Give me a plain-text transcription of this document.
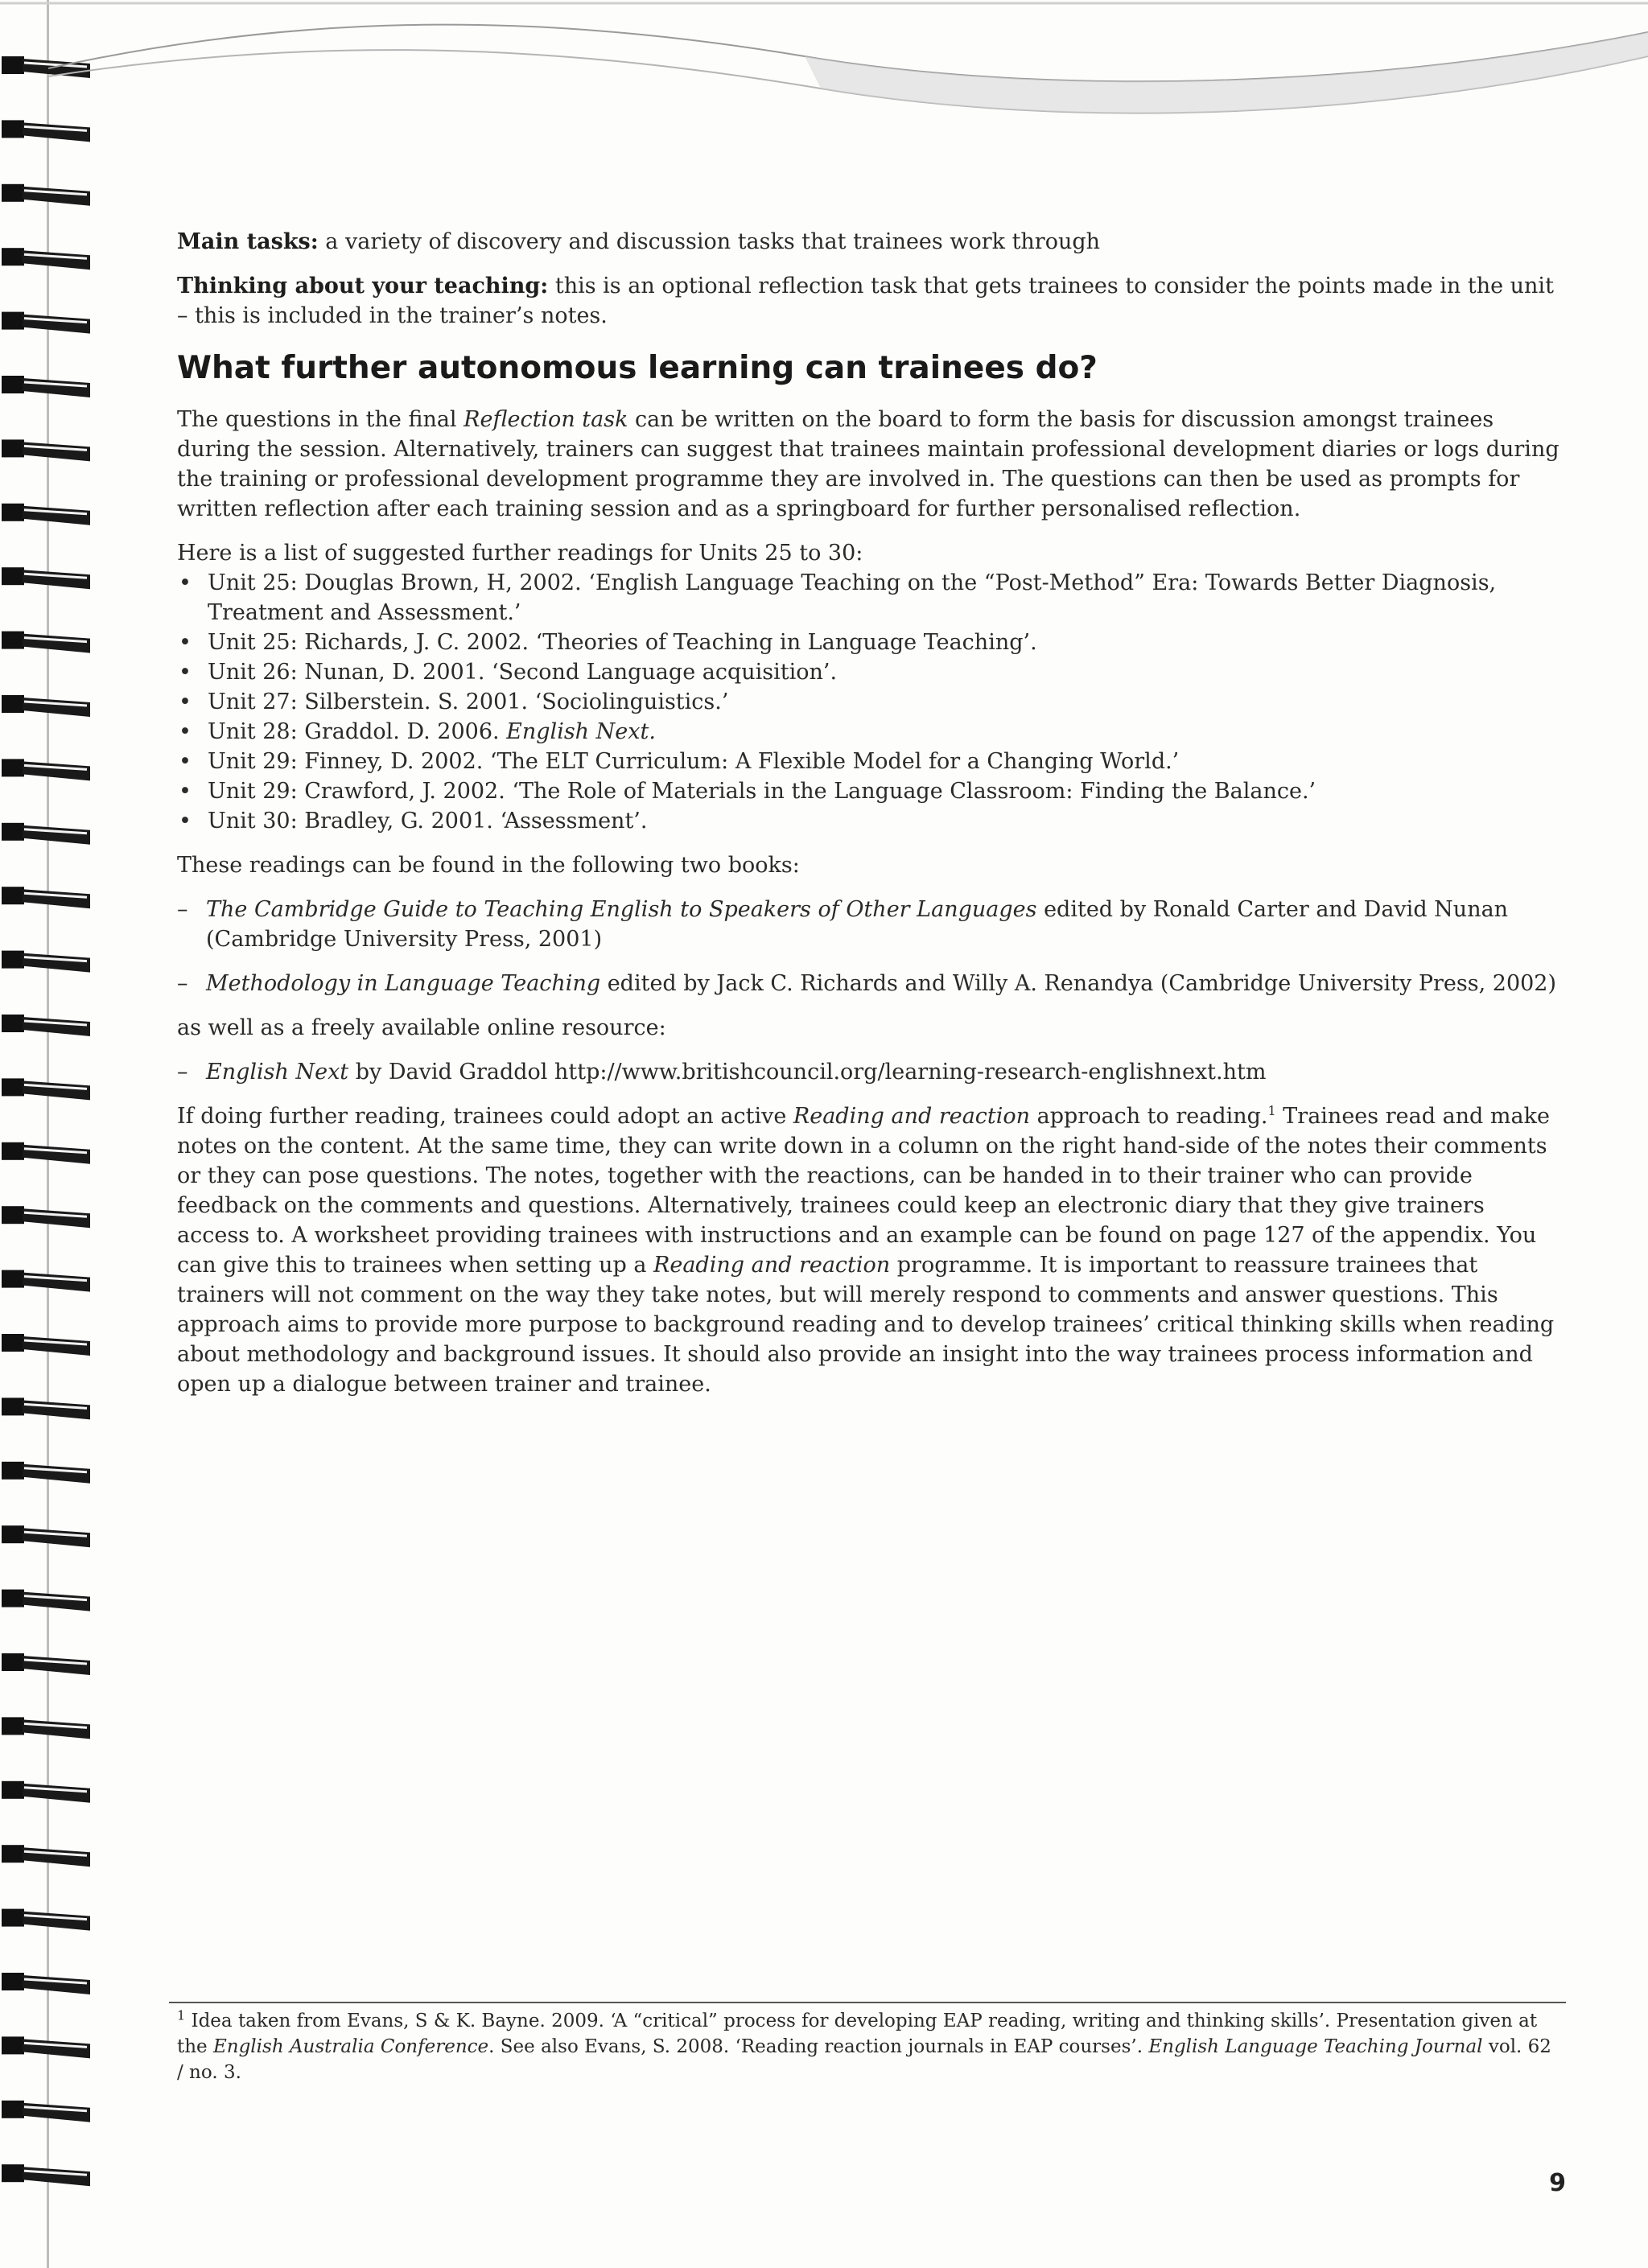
Main tasks: a variety of discovery and discussion tasks that trainees work through

Thinking about your teaching: this is an optional reflection task that gets trainees to consider the points made in the unit – this is included in the trainer’s notes.

What further autonomous learning can trainees do?

The questions in the final Reflection task can be written on the board to form the basis for discussion amongst trainees during the session. Alternatively, trainers can suggest that trainees maintain professional development diaries or logs during the training or professional development programme they are involved in. The questions can then be used as prompts for written reflection after each training session and as a springboard for further personalised reflection.

Here is a list of suggested further readings for Units 25 to 30:
• Unit 25: Douglas Brown, H, 2002. ‘English Language Teaching on the “Post-Method” Era: Towards Better Diagnosis, Treatment and Assessment.’
• Unit 25: Richards, J. C. 2002. ‘Theories of Teaching in Language Teaching’.
• Unit 26: Nunan, D. 2001. ‘Second Language acquisition’.
• Unit 27: Silberstein. S. 2001. ‘Sociolinguistics.’
• Unit 28: Graddol. D. 2006. English Next.
• Unit 29: Finney, D. 2002. ‘The ELT Curriculum: A Flexible Model for a Changing World.’
• Unit 29: Crawford, J. 2002. ‘The Role of Materials in the Language Classroom: Finding the Balance.’
• Unit 30: Bradley, G. 2001. ‘Assessment’.

These readings can be found in the following two books:

– The Cambridge Guide to Teaching English to Speakers of Other Languages edited by Ronald Carter and David Nunan (Cambridge University Press, 2001)
– Methodology in Language Teaching edited by Jack C. Richards and Willy A. Renandya (Cambridge University Press, 2002)

as well as a freely available online resource:

– English Next by David Graddol http://www.britishcouncil.org/learning-research-englishnext.htm

If doing further reading, trainees could adopt an active Reading and reaction approach to reading.$^1$ Trainees read and make notes on the content. At the same time, they can write down in a column on the right hand-side of the notes their comments or they can pose questions. The notes, together with the reactions, can be handed in to their trainer who can provide feedback on the comments and questions. Alternatively, trainees could keep an electronic diary that they give trainers access to. A worksheet providing trainees with instructions and an example can be found on page 127 of the appendix. You can give this to trainees when setting up a Reading and reaction programme. It is important to reassure trainees that trainers will not comment on the way they take notes, but will merely respond to comments and answer questions. This approach aims to provide more purpose to background reading and to develop trainees’ critical thinking skills when reading about methodology and background issues. It should also provide an insight into the way trainees process information and open up a dialogue between trainer and trainee.

$^1$ Idea taken from Evans, S & K. Bayne. 2009. ‘A “critical” process for developing EAP reading, writing and thinking skills’. Presentation given at the English Australia Conference. See also Evans, S. 2008. ‘Reading reaction journals in EAP courses’. English Language Teaching Journal vol. 62 / no. 3.

9
